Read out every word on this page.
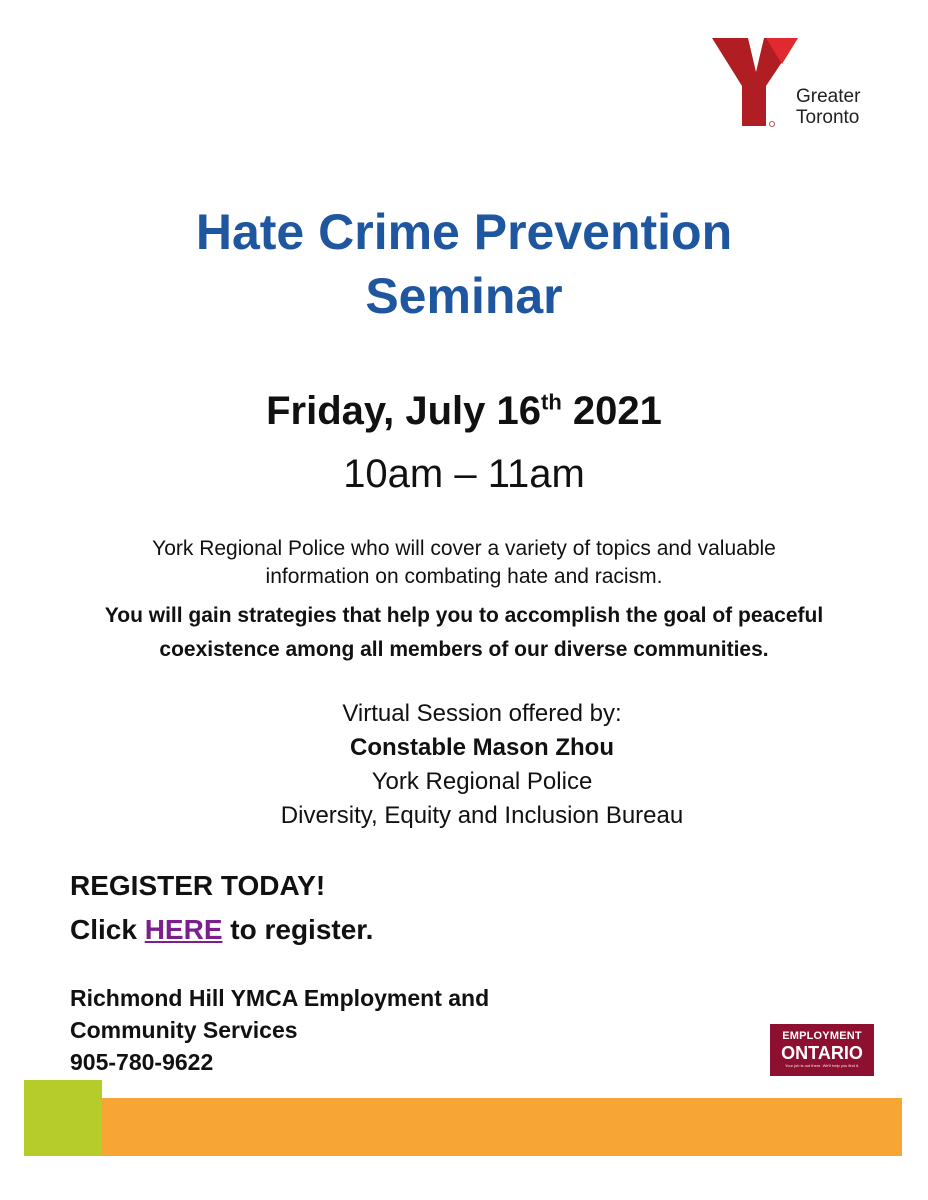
Greater
Toronto
Hate Crime Prevention
Seminar
Friday, July 16th 2021
10am – 11am
York Regional Police who will cover a variety of topics and valuable
information on combating hate and racism.
You will gain strategies that help you to accomplish the goal of peaceful
coexistence among all members of our diverse communities.
Virtual Session offered by:
Constable Mason Zhou
York Regional Police
Diversity, Equity and Inclusion Bureau
REGISTER TODAY!
Click HERE to register.
Richmond Hill YMCA Employment and
Community Services
905-780-9622
EMPLOYMENT
ONTARIO
Your job is out there. We'll help you find it.
